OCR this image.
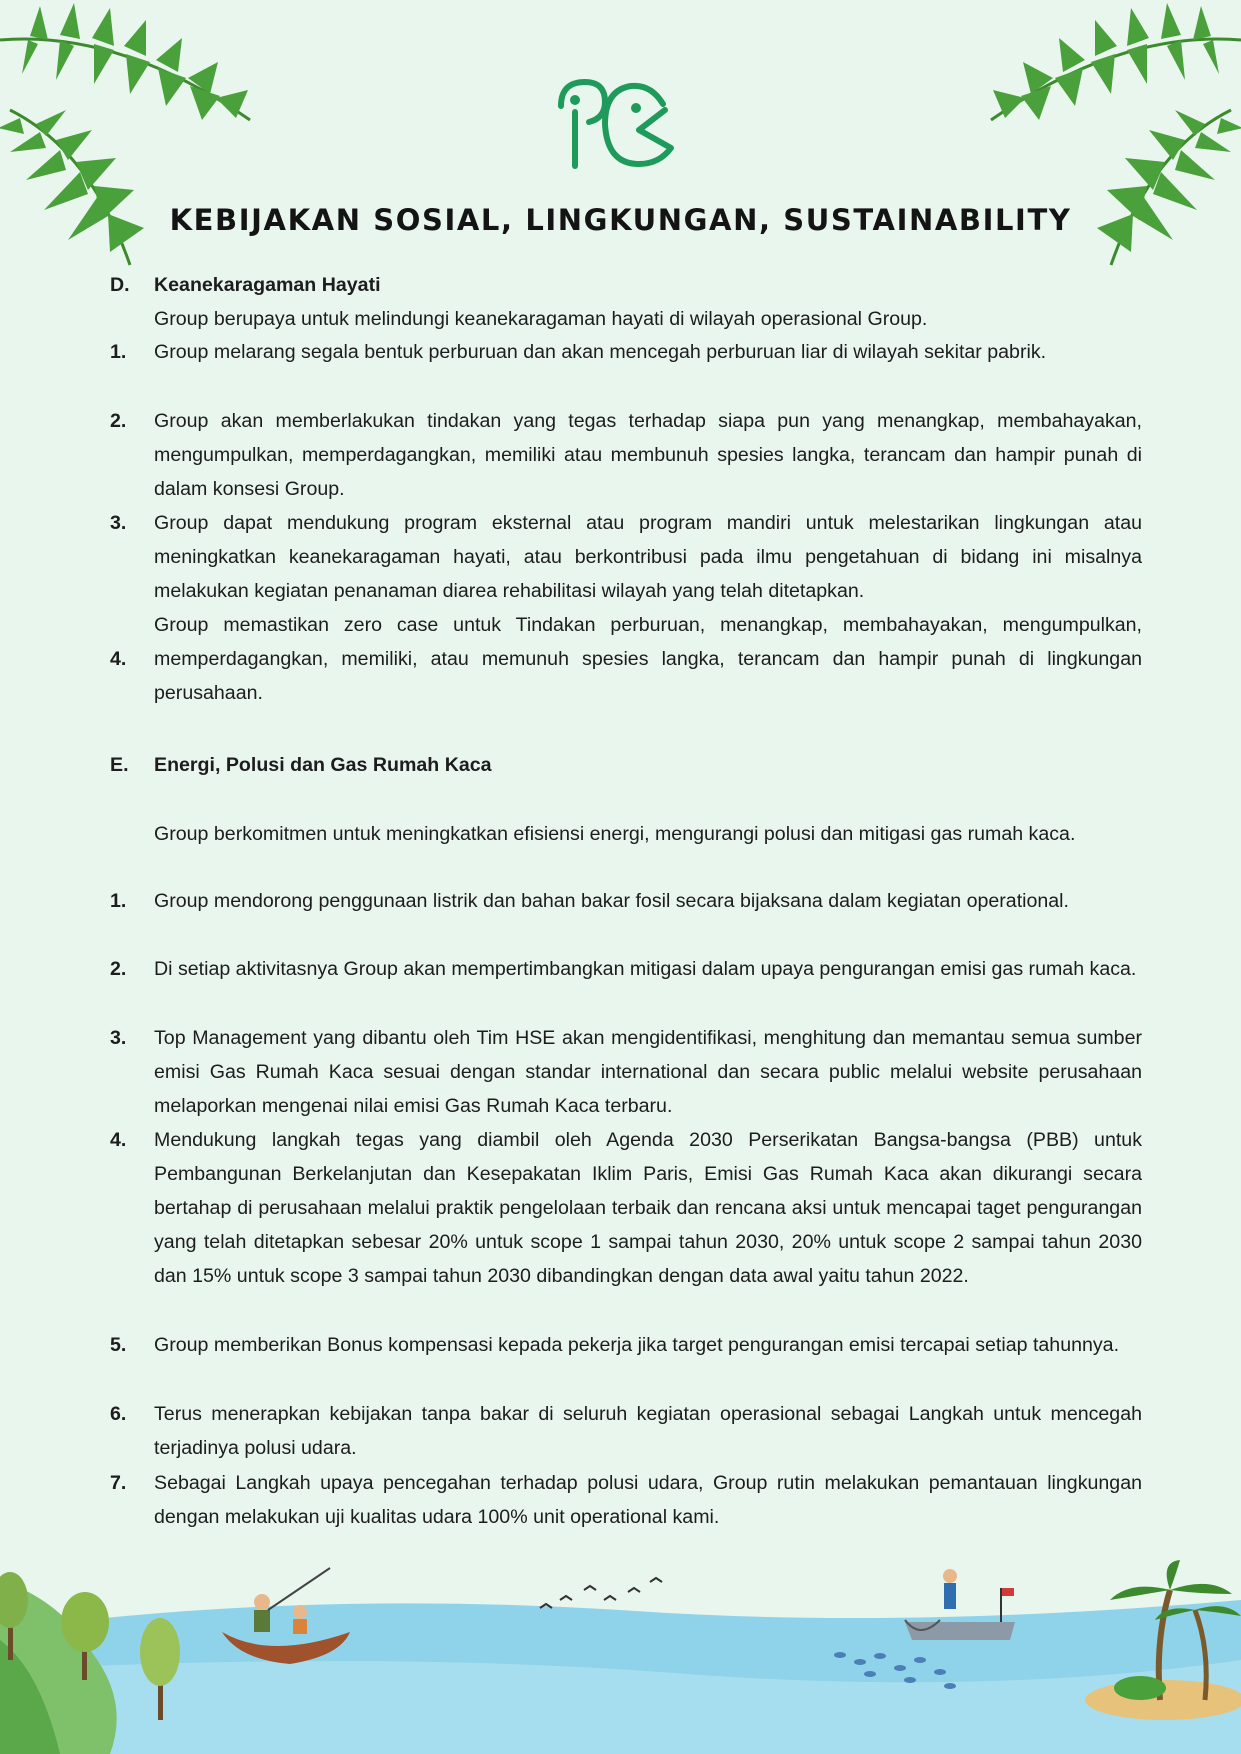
KEBIJAKAN SOSIAL, LINGKUNGAN, SUSTAINABILITY
D.	Keanekaragaman Hayati
Group berupaya untuk melindungi keanekaragaman hayati di wilayah operasional Group.
1.	Group melarang segala bentuk perburuan dan akan mencegah perburuan liar di wilayah sekitar pabrik.
2.	Group akan memberlakukan tindakan yang tegas terhadap siapa pun yang menangkap, membahayakan, mengumpulkan, memperdagangkan, memiliki atau membunuh spesies langka, terancam dan hampir punah di dalam konsesi Group.
3.	Group dapat mendukung program eksternal atau program mandiri untuk melestarikan lingkungan atau meningkatkan keanekaragaman hayati, atau berkontribusi pada ilmu pengetahuan di bidang ini misalnya melakukan kegiatan penanaman diarea rehabilitasi wilayah yang telah ditetapkan.
4.
Group memastikan zero case untuk Tindakan perburuan, menangkap, membahayakan, mengumpulkan, memperdagangkan, memiliki, atau memunuh spesies langka, terancam dan hampir punah di lingkungan perusahaan.
E.	Energi, Polusi dan Gas Rumah Kaca
Group berkomitmen untuk meningkatkan efisiensi energi, mengurangi polusi dan mitigasi gas rumah kaca.
1.	Group mendorong penggunaan listrik dan bahan bakar fosil secara bijaksana dalam kegiatan operational.
2.	Di setiap aktivitasnya Group akan mempertimbangkan mitigasi dalam upaya pengurangan emisi gas rumah kaca.
3.	Top Management yang dibantu oleh Tim HSE akan mengidentifikasi, menghitung dan memantau semua sumber emisi Gas Rumah Kaca sesuai dengan standar international dan secara public melalui website perusahaan melaporkan mengenai nilai emisi Gas Rumah Kaca terbaru.
4.	Mendukung langkah tegas yang diambil oleh Agenda 2030 Perserikatan Bangsa-bangsa (PBB) untuk Pembangunan Berkelanjutan dan Kesepakatan Iklim Paris, Emisi Gas Rumah Kaca akan dikurangi secara bertahap di perusahaan melalui praktik pengelolaan terbaik dan rencana aksi untuk mencapai taget pengurangan yang telah ditetapkan sebesar 20% untuk scope 1 sampai tahun 2030, 20% untuk scope 2 sampai tahun 2030 dan 15% untuk scope 3 sampai tahun 2030 dibandingkan dengan data awal yaitu tahun 2022.
5.	Group memberikan Bonus kompensasi kepada pekerja jika target pengurangan emisi tercapai setiap tahunnya.
6.	Terus menerapkan kebijakan tanpa bakar di seluruh kegiatan operasional sebagai Langkah untuk mencegah terjadinya polusi udara.
7.	Sebagai Langkah upaya pencegahan terhadap polusi udara, Group rutin melakukan pemantauan lingkungan dengan melakukan uji kualitas udara 100% unit operational kami.
